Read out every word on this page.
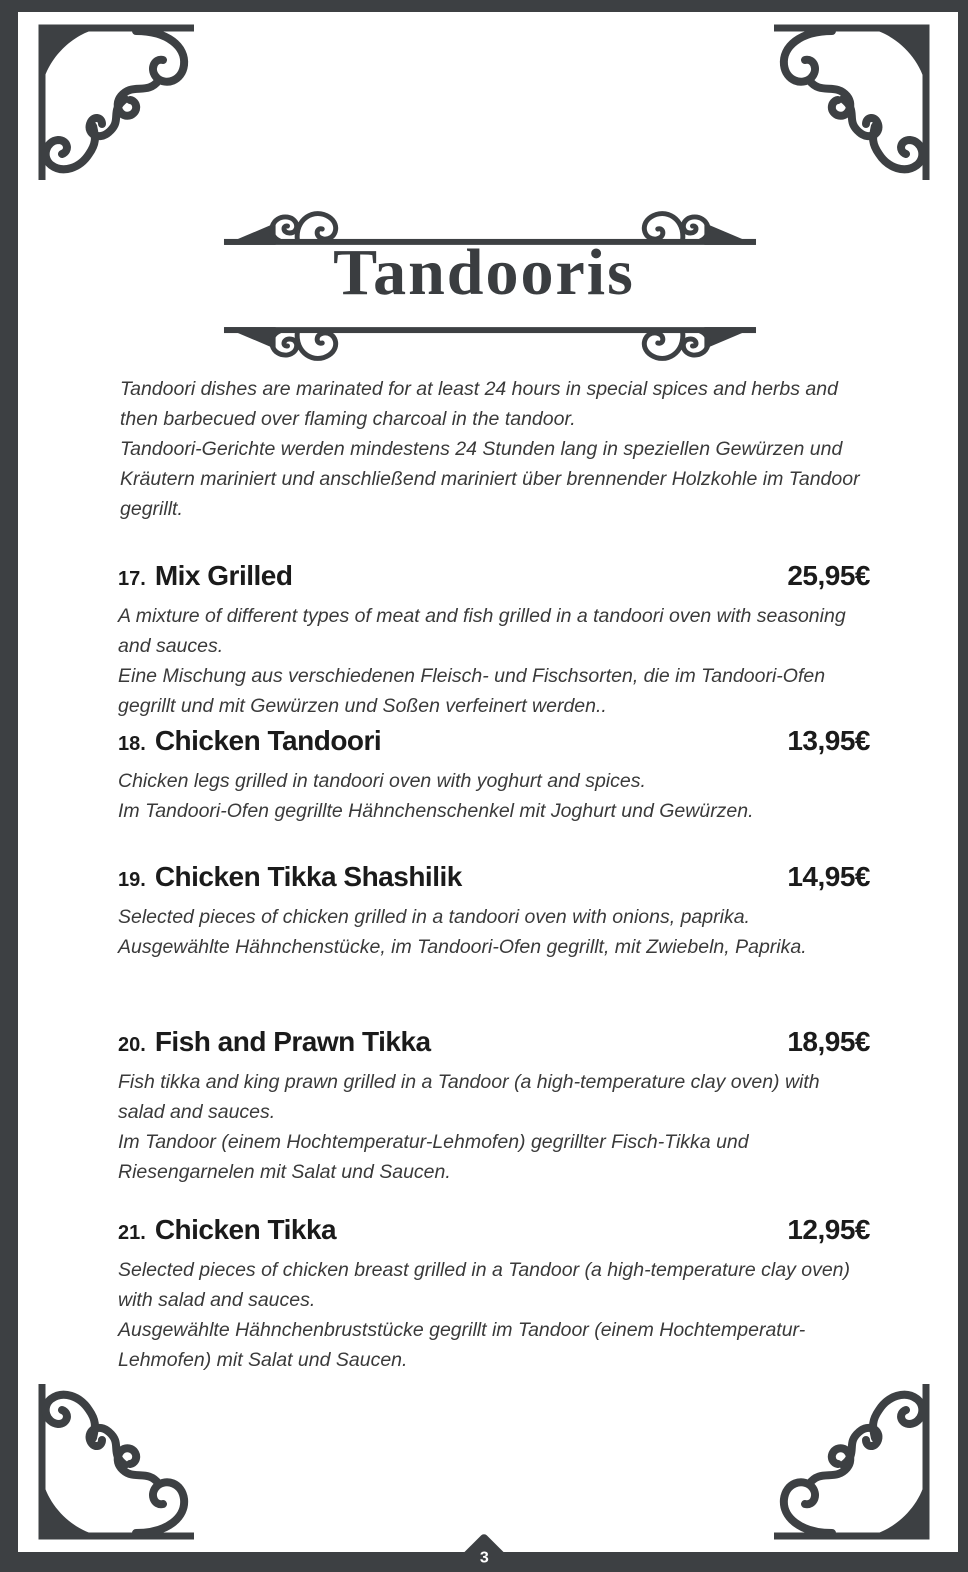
Tandooris

Tandoori dishes are marinated for at least 24 hours in special spices and herbs and then barbecued over flaming charcoal in the tandoor.

Tandoori-Gerichte werden mindestens 24 Stunden lang in speziellen Gewürzen und Kräutern mariniert und anschließend mariniert über brennender Holzkohle im Tandoor gegrillt.

17. Mix Grilled	25,95€

A mixture of different types of meat and fish grilled in a tandoori oven with seasoning and sauces.

Eine Mischung aus verschiedenen Fleisch- und Fischsorten, die im Tandoori-Ofen gegrillt und mit Gewürzen und Soßen verfeinert werden..

18. Chicken Tandoori	13,95€

Chicken legs grilled in tandoori oven with yoghurt and spices.

Im Tandoori-Ofen gegrillte Hähnchenschenkel mit Joghurt und Gewürzen.

19. Chicken Tikka Shashilik	14,95€

Selected pieces of chicken grilled in a tandoori oven with onions, paprika.

Ausgewählte Hähnchenstücke, im Tandoori-Ofen gegrillt, mit Zwiebeln, Paprika.

20. Fish and Prawn Tikka	18,95€

Fish tikka and king prawn grilled in a Tandoor (a high-temperature clay oven) with salad and sauces.

Im Tandoor (einem Hochtemperatur-Lehmofen) gegrillter Fisch-Tikka und Riesengarnelen mit Salat und Saucen.

21. Chicken Tikka	12,95€

Selected pieces of chicken breast grilled in a Tandoor (a high-temperature clay oven) with salad and sauces.

Ausgewählte Hähnchenbruststücke gegrillt im Tandoor (einem Hochtemperatur-Lehmofen) mit Salat und Saucen.

3
